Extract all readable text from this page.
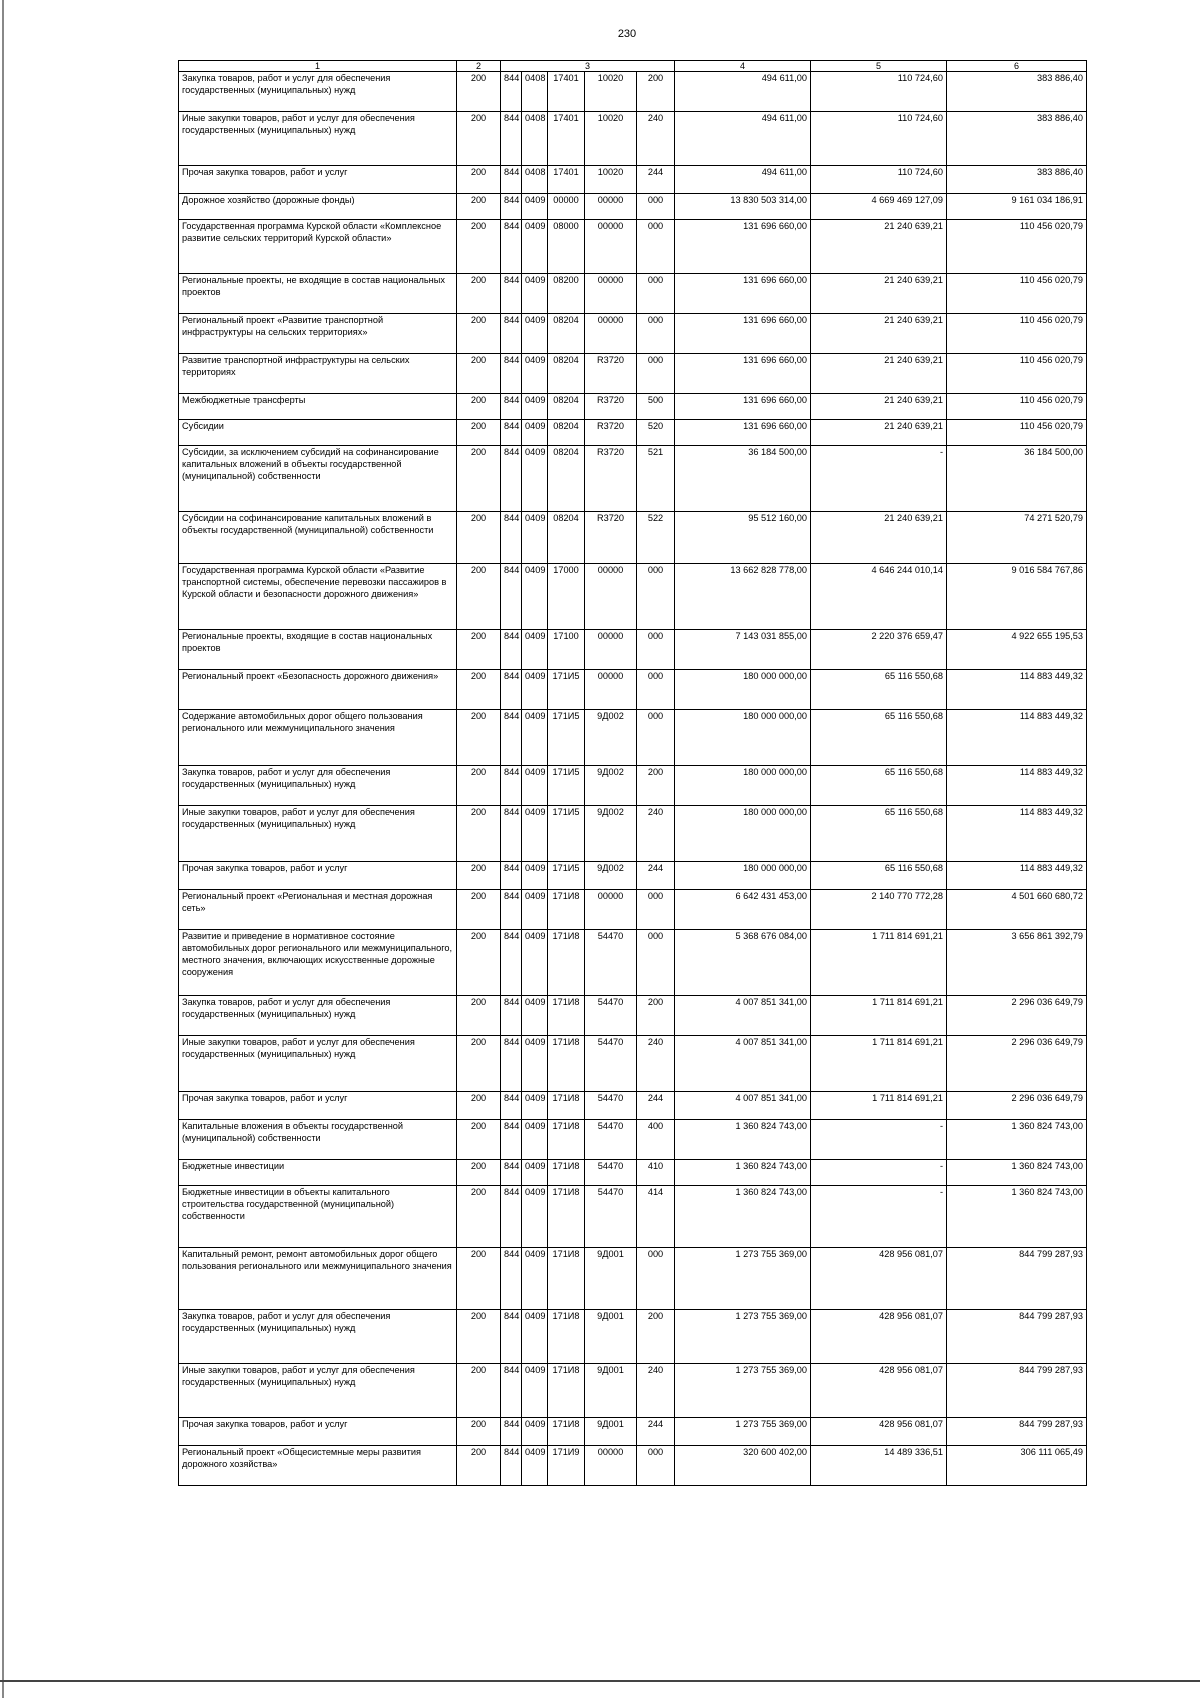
230
1	2	3					4	5	6
Закупка товаров, работ и услуг для обеспечения государственных (муниципальных) нужд	200	844	0408	17401	10020	200	494 611,00	110 724,60	383 886,40
Иные закупки товаров, работ и услуг для обеспечения государственных (муниципальных) нужд	200	844	0408	17401	10020	240	494 611,00	110 724,60	383 886,40
Прочая закупка товаров, работ и услуг	200	844	0408	17401	10020	244	494 611,00	110 724,60	383 886,40
Дорожное хозяйство (дорожные фонды)	200	844	0409	00000	00000	000	13 830 503 314,00	4 669 469 127,09	9 161 034 186,91
Государственная программа Курской области «Комплексное развитие сельских территорий Курской области»	200	844	0409	08000	00000	000	131 696 660,00	21 240 639,21	110 456 020,79
Региональные проекты, не входящие в состав национальных проектов	200	844	0409	08200	00000	000	131 696 660,00	21 240 639,21	110 456 020,79
Региональный проект «Развитие транспортной инфраструктуры на сельских территориях»	200	844	0409	08204	00000	000	131 696 660,00	21 240 639,21	110 456 020,79
Развитие транспортной инфраструктуры на сельских территориях	200	844	0409	08204	R3720	000	131 696 660,00	21 240 639,21	110 456 020,79
Межбюджетные трансферты	200	844	0409	08204	R3720	500	131 696 660,00	21 240 639,21	110 456 020,79
Субсидии	200	844	0409	08204	R3720	520	131 696 660,00	21 240 639,21	110 456 020,79
Субсидии, за исключением субсидий на софинансирование капитальных вложений в объекты государственной (муниципальной) собственности	200	844	0409	08204	R3720	521	36 184 500,00	-	36 184 500,00
Субсидии на софинансирование капитальных вложений в объекты государственной (муниципальной) собственности	200	844	0409	08204	R3720	522	95 512 160,00	21 240 639,21	74 271 520,79
Государственная программа Курской области «Развитие транспортной системы, обеспечение перевозки пассажиров в Курской области и безопасности дорожного движения»	200	844	0409	17000	00000	000	13 662 828 778,00	4 646 244 010,14	9 016 584 767,86
Региональные проекты, входящие в состав национальных проектов	200	844	0409	17100	00000	000	7 143 031 855,00	2 220 376 659,47	4 922 655 195,53
Региональный проект «Безопасность дорожного движения»	200	844	0409	171И5	00000	000	180 000 000,00	65 116 550,68	114 883 449,32
Содержание автомобильных дорог общего пользования регионального или межмуниципального значения	200	844	0409	171И5	9Д002	000	180 000 000,00	65 116 550,68	114 883 449,32
Закупка товаров, работ и услуг для обеспечения государственных (муниципальных) нужд	200	844	0409	171И5	9Д002	200	180 000 000,00	65 116 550,68	114 883 449,32
Иные закупки товаров, работ и услуг для обеспечения государственных (муниципальных) нужд	200	844	0409	171И5	9Д002	240	180 000 000,00	65 116 550,68	114 883 449,32
Прочая закупка товаров, работ и услуг	200	844	0409	171И5	9Д002	244	180 000 000,00	65 116 550,68	114 883 449,32
Региональный проект «Региональная и местная дорожная сеть»	200	844	0409	171И8	00000	000	6 642 431 453,00	2 140 770 772,28	4 501 660 680,72
Развитие и приведение в нормативное состояние автомобильных дорог регионального или межмуниципального, местного значения, включающих искусственные дорожные сооружения	200	844	0409	171И8	54470	000	5 368 676 084,00	1 711 814 691,21	3 656 861 392,79
Закупка товаров, работ и услуг для обеспечения государственных (муниципальных) нужд	200	844	0409	171И8	54470	200	4 007 851 341,00	1 711 814 691,21	2 296 036 649,79
Иные закупки товаров, работ и услуг для обеспечения государственных (муниципальных) нужд	200	844	0409	171И8	54470	240	4 007 851 341,00	1 711 814 691,21	2 296 036 649,79
Прочая закупка товаров, работ и услуг	200	844	0409	171И8	54470	244	4 007 851 341,00	1 711 814 691,21	2 296 036 649,79
Капитальные вложения в объекты государственной (муниципальной) собственности	200	844	0409	171И8	54470	400	1 360 824 743,00	-	1 360 824 743,00
Бюджетные инвестиции	200	844	0409	171И8	54470	410	1 360 824 743,00	-	1 360 824 743,00
Бюджетные инвестиции в объекты капитального строительства государственной (муниципальной) собственности	200	844	0409	171И8	54470	414	1 360 824 743,00	-	1 360 824 743,00
Капитальный ремонт, ремонт автомобильных дорог общего пользования регионального или межмуниципального значения	200	844	0409	171И8	9Д001	000	1 273 755 369,00	428 956 081,07	844 799 287,93
Закупка товаров, работ и услуг для обеспечения государственных (муниципальных) нужд	200	844	0409	171И8	9Д001	200	1 273 755 369,00	428 956 081,07	844 799 287,93
Иные закупки товаров, работ и услуг для обеспечения государственных (муниципальных) нужд	200	844	0409	171И8	9Д001	240	1 273 755 369,00	428 956 081,07	844 799 287,93
Прочая закупка товаров, работ и услуг	200	844	0409	171И8	9Д001	244	1 273 755 369,00	428 956 081,07	844 799 287,93
Региональный проект «Общесистемные меры развития дорожного хозяйства»	200	844	0409	171И9	00000	000	320 600 402,00	14 489 336,51	306 111 065,49
